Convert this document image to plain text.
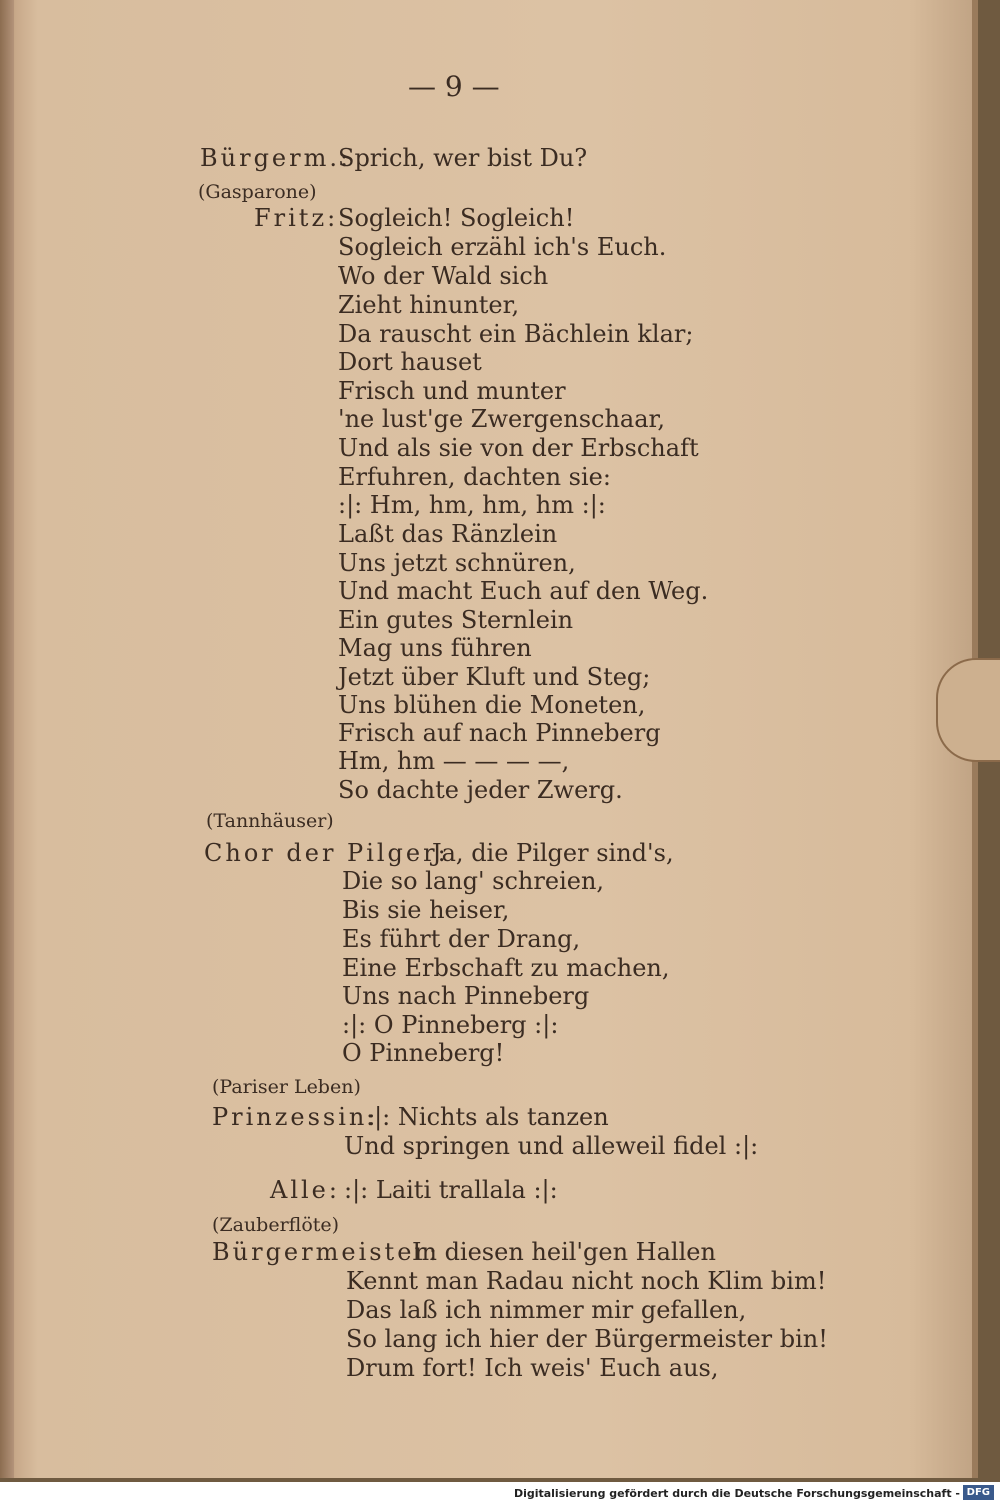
— 9 —
Bürgerm.:
Sprich, wer bist Du?
(Gasparone)
Fritz: Sogleich! Sogleich!
Sogleich erzähl ich's Euch.
Wo der Wald sich
Zieht hinunter,
Da rauscht ein Bächlein klar;
Dort hauset
Frisch und munter
'ne lust'ge Zwergenschaar,
Und als sie von der Erbschaft
Erfuhren, dachten sie:
:|: Hm, hm, hm, hm :|:
Laßt das Ränzlein
Uns jetzt schnüren,
Und macht Euch auf den Weg.
Ein gutes Sternlein
Mag uns führen
Jetzt über Kluft und Steg;
Uns blühen die Moneten,
Frisch auf nach Pinneberg
Hm, hm — — — —,
So dachte jeder Zwerg.
(Tannhäuser)
Chor der Pilger:
Ja, die Pilger sind's,
Die so lang' schreien,
Bis sie heiser,
Es führt der Drang,
Eine Erbschaft zu machen,
Uns nach Pinneberg
:|: O Pinneberg :|:
O Pinneberg!
(Pariser Leben)
Prinzessin:
:|: Nichts als tanzen
Und springen und alleweil fidel :|:
Alle: :|: Laiti trallala :|:
(Zauberflöte)
Bürgermeister:
In diesen heil'gen Hallen
Kennt man Radau nicht noch Klim bim!
Das laß ich nimmer mir gefallen,
So lang ich hier der Bürgermeister bin!
Drum fort! Ich weis' Euch aus,
Digitalisierung gefördert durch die Deutsche Forschungsgemeinschaft - DFG
